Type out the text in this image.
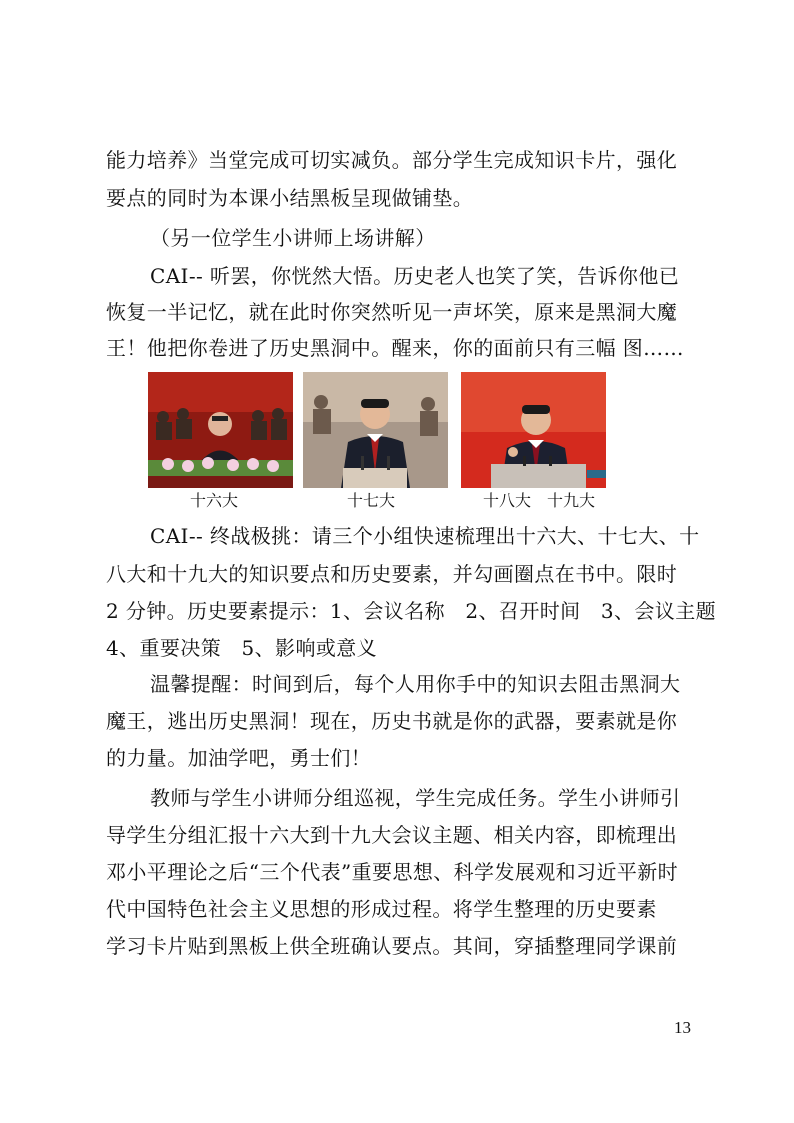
能力培养》当堂完成可切实减负。部分学生完成知识卡片，强化
要点的同时为本课小结黑板呈现做铺垫。
（另一位学生小讲师上场讲解）
CAI-- 听罢，你恍然大悟。历史老人也笑了笑，告诉你他已
恢复一半记忆，就在此时你突然听见一声坏笑，原来是黑洞大魔
王！他把你卷进了历史黑洞中。醒来，你的面前只有三幅 图……
十六大	十七大	十八大　十九大
CAI-- 终战极挑：请三个小组快速梳理出十六大、十七大、十
八大和十九大的知识要点和历史要素，并勾画圈点在书中。限时
2 分钟。历史要素提示：1、会议名称　2、召开时间　3、会议主题
4、重要决策　5、影响或意义
温馨提醒：时间到后，每个人用你手中的知识去阻击黑洞大
魔王，逃出历史黑洞！现在，历史书就是你的武器，要素就是你
的力量。加油学吧，勇士们！
教师与学生小讲师分组巡视，学生完成任务。学生小讲师引
导学生分组汇报十六大到十九大会议主题、相关内容，即梳理出
邓小平理论之后“三个代表”重要思想、科学发展观和习近平新时
代中国特色社会主义思想的形成过程。将学生整理的历史要素
学习卡片贴到黑板上供全班确认要点。其间，穿插整理同学课前
13
